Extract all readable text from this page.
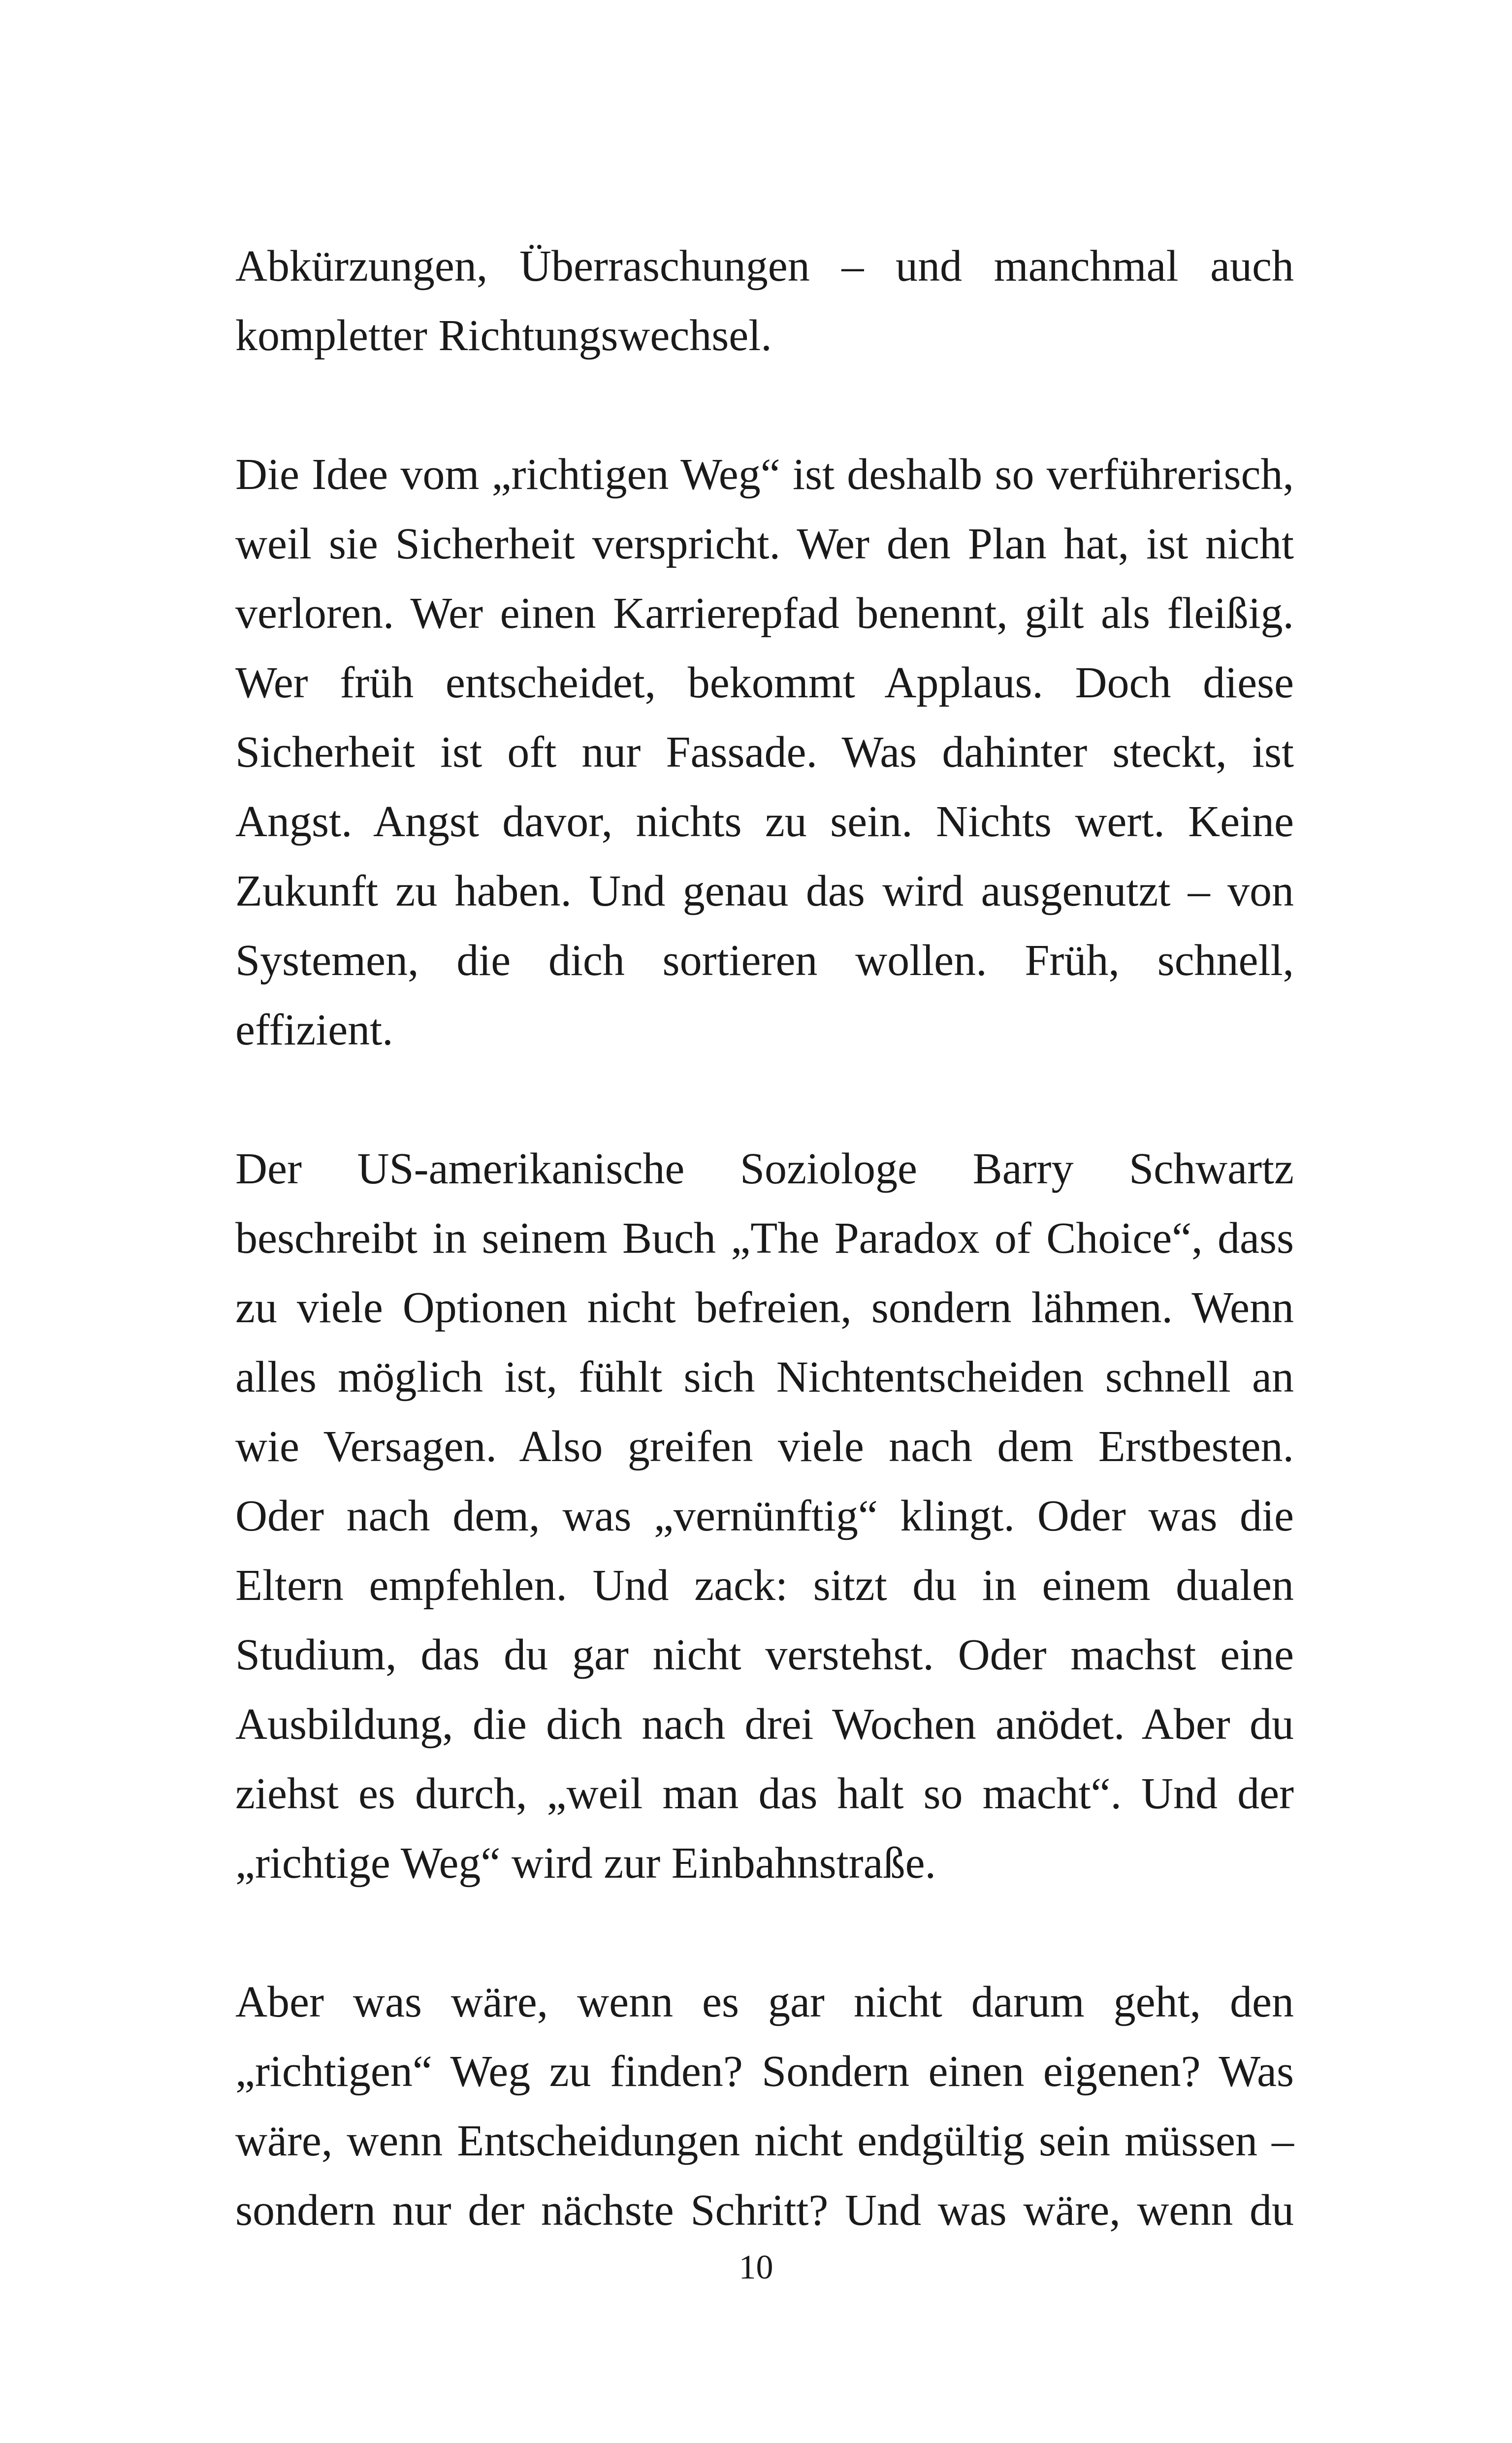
Abkürzungen, Überraschungen – und manchmal auch kompletter Richtungswechsel.

Die Idee vom „richtigen Weg“ ist deshalb so verführerisch, weil sie Sicherheit verspricht. Wer den Plan hat, ist nicht verloren. Wer einen Karrierepfad benennt, gilt als fleißig. Wer früh entscheidet, bekommt Applaus. Doch diese Sicherheit ist oft nur Fassade. Was dahinter steckt, ist Angst. Angst davor, nichts zu sein. Nichts wert. Keine Zukunft zu haben. Und genau das wird ausgenutzt – von Systemen, die dich sortieren wollen. Früh, schnell, effizient.

Der US-amerikanische Soziologe Barry Schwartz beschreibt in seinem Buch „The Paradox of Choice“, dass zu viele Optionen nicht befreien, sondern lähmen. Wenn alles möglich ist, fühlt sich Nichtentscheiden schnell an wie Versagen. Also greifen viele nach dem Erstbesten. Oder nach dem, was „vernünftig“ klingt. Oder was die Eltern empfehlen. Und zack: sitzt du in einem dualen Studium, das du gar nicht verstehst. Oder machst eine Ausbildung, die dich nach drei Wochen anödet. Aber du ziehst es durch, „weil man das halt so macht“. Und der „richtige Weg“ wird zur Einbahnstraße.

Aber was wäre, wenn es gar nicht darum geht, den „richtigen“ Weg zu finden? Sondern einen eigenen? Was wäre, wenn Entscheidungen nicht endgültig sein müssen – sondern nur der nächste Schritt? Und was wäre, wenn du

10
